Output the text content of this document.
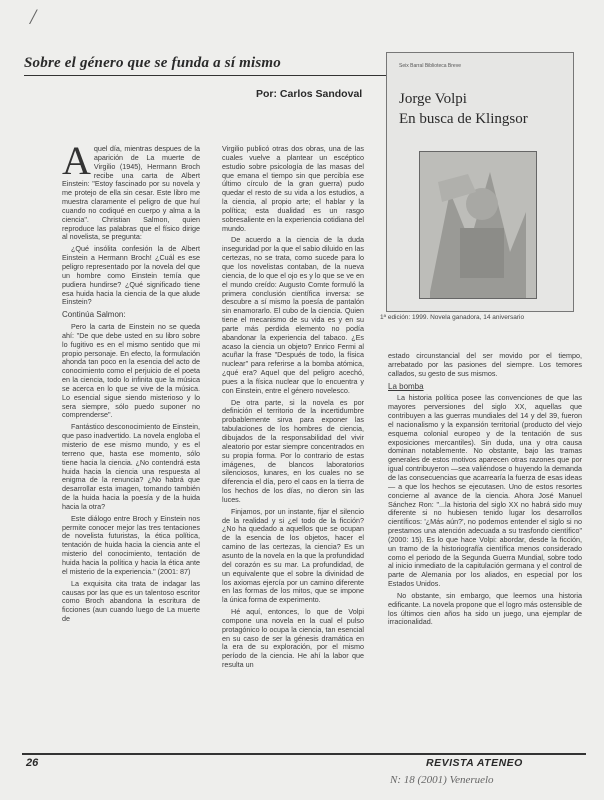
/
Sobre el género que se funda a sí mismo
Por: Carlos Sandoval
Seix Barral Biblioteca Breve
Jorge Volpi
En busca de Klingsor
1ª edición: 1999. Novela ganadora, 14 aniversario

Aquel día, mientras despues de la aparición de La muerte de Virgilio (1945), Hermann Broch recibe una carta de Albert Einstein: "Estoy fascinado por su novela y me protejo de ella sin cesar. Este libro me muestra claramente el peligro de que huí cuando no codiqué en cuerpo y alma a la ciencia". Christian Salmon, quien reproduce las palabras que el físico dirige al novelista, se pregunta:

¿Qué insólita confesión la de Albert Einstein a Hermann Broch! ¿Cuál es ese peligro representado por la novela del que un hombre como Einstein temía que pudiera hundirse? ¿Qué significado tiene esa huida hacia la ciencia de la que alude Einstein?

Continúa Salmon:

Pero la carta de Einstein no se queda ahí: "De que debe usted en su libro sobre lo fugitivo es en el mismo sentido que mi propio personaje. En efecto, la formulación ahonda tan poco en la esencia del acto de conocimiento como el perjuicio de el poeta en la ciencia, todo lo infinita que la música se acerca en lo que se vive de la música. Lo esencial sigue siendo misterioso y lo sera siempre, sólo puedo suponer no comprenderse".

Fantástico desconocimiento de Einstein, que paso inadvertido. La novela engloba el misterio de ese mismo mundo, y es el terreno que, hasta ese momento, sólo tiene hacia la ciencia. ¿No contendrá esta huida hacia la ciencia una respuesta al enigma de la renuncia? ¿No habrá que desarrollar esta imagen, tomando también de la huida hacia la poesía y de la huida hacia la otra?

Este diálogo entre Broch y Einstein nos permite conocer mejor las tres tentaciones de novelista futuristas, la ética política, tentación de huida hacia la ciencia ante el misterio del conocimiento, tentación de huida hacia la política y hacia la ética ante el misterio de la experiencia." (2001: 87)

La exquisita cita trata de indagar las causas por las que es un talentoso escritor como Broch abandona la escritura de ficciones (aun cuando luego de La muerte de

Virgilio publicó otras dos obras, una de las cuales vuelve a plantear un escéptico estudio sobre psicología de las masas del que emana el tiempo sin que percibía ese último círculo de la gran guerra) pudo quedar el resto de su vida a los estudios, a la ciencia, al propio arte; el hablar y la política; esta dualidad es un rasgo sobresaliente en la experiencia cotidiana del mundo.

De acuerdo a la ciencia de la duda inseguridad por la que el sabio diluido en las certezas, no se trata, como sucede para lo que los novelistas contaban, de la nueva ciencia, de lo que el ojo es y lo que se ve en el mundo creído: Augusto Comte formuló la primera conclusión científica inversa: se descubre a sí mismo la poesía de pantalón sin enamorarlo. El cubo de la ciencia. Quien tiene el mecanismo de su vida es y en su parte más perdida elemento no podía abandonar la experiencia del tabaco. ¿Es acaso la ciencia un objeto? Enrico Fermi al acuñar la frase "Después de todo, la física nuclear" para referirse a la bomba atómica, ¿qué era? Aquel que del peligro acechó, pues a la física nuclear que lo encuentra y con Einstein, entre el género novelesco.

De otra parte, si la novela es por definición el territorio de la incertidumbre probablemente sirva para exponer las tabulaciones de los hombres de ciencia, dibujados de la responsabilidad del vivir aleatorio por estar siempre concentrados en su propia forma. Por lo contrario de estas imágenes, de blancos laboratorios silenciosos, lunares, en los cuales no se diferencia el día, pero el caos en la tierra de los hechos de los días, no dieron sin las luces.

Finjamos, por un instante, fijar el silencio de la realidad y si ¿el todo de la ficción? ¿No ha quedado a aquellos que se ocupan de la esencia de los objetos, hacer el camino de las certezas, la ciencia? Es un asunto de la novela en la que la profundidad del corazón es su mar. La profundidad, de un equivalente que el sobre la divinidad de los axiomas ejercía por un camino diferente en las formas de los mitos, que se impone la única forma de experimento.

Hé aquí, entonces, lo que de Volpi compone una novela en la cual el pulso protagónico lo ocupa la ciencia, tan esencial en su caso de ser la génesis dramática en la era de su exploración, por el mismo período de la ciencia. He ahí la labor que resulta un

estado circunstancial del ser movido por el tiempo, arrebatado por las pasiones del siempre. Los temores callados, su gesto de sus mismos.

La bomba

La historia política posee las convenciones de que las mayores perversiones del siglo XX, aquellas que contribuyen a las guerras mundiales del 14 y del 39, fueron el nacionalismo y la expansión territorial (producto del viejo esquema colonial europeo y de la tentación de sus exposiciones mercantiles). Sin duda, una y otra causa dominan notablemente. No obstante, bajo las tramas generales de estos motivos aparecen otras razones que por igual contribuyeron —sea valiéndose o huyendo la demanda de las consecuencias que acarrearía la fuerza de esas ideas— a que los hechos se ejecutasen. Uno de estos resortes concierne al avance de la ciencia. Ahora José Manuel Sánchez Ron: "...la historia del siglo XX no habrá sido muy diferente si no hubiesen tenido lugar los desarrollos científicos: '¿Más aún?', no podemos entender el siglo si no prestamos una atención adecuada a su trasfondo científico" (2000: 15). Es lo que hace Volpi: abordar, desde la ficción, un tramo de la historiografía científica menos considerado como el periodo de la Segunda Guerra Mundial, sobre todo al inicio inmediato de la capitulación germana y el control de parte de Alemania por los aliados, en especial por los Estados Unidos.

No obstante, sin embargo, que leemos una historia edificante. La novela propone que el logro más ostensible de los últimos cien años ha sido un juego, una ejemplar de irracionalidad.

26	REVISTA ATENEO
N: 18 (2001) Veneruelo
